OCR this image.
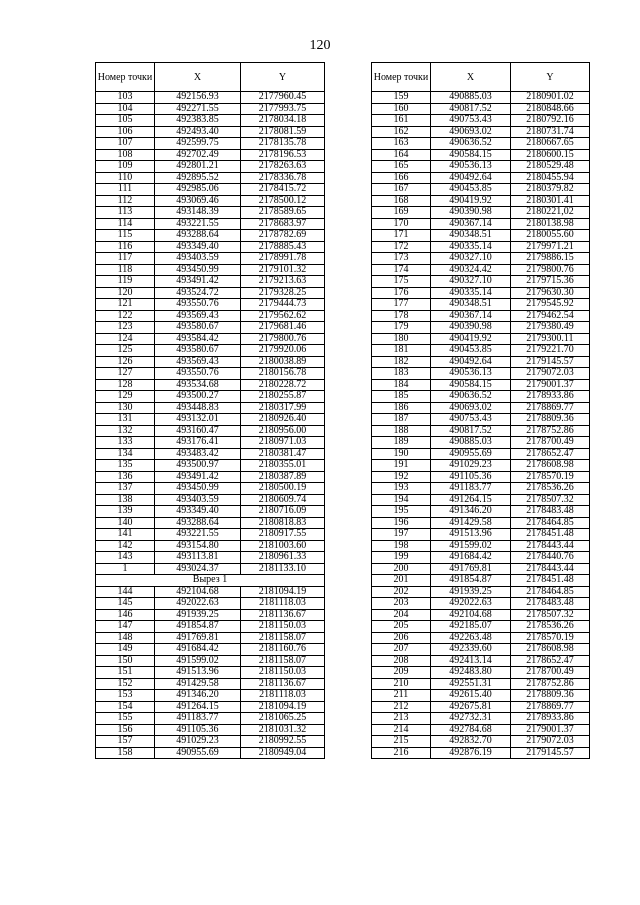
120
Номер точки	X	Y
103	492156.93	2177960.45
104	492271.55	2177993.75
105	492383.85	2178034.18
106	492493.40	2178081.59
107	492599.75	2178135.78
108	492702.49	2178196.53
109	492801.21	2178263.63
110	492895.52	2178336.78
111	492985.06	2178415.72
112	493069.46	2178500.12
113	493148.39	2178589.65
114	493221.55	2178683.97
115	493288.64	2178782.69
116	493349.40	2178885.43
117	493403.59	2178991.78
118	493450.99	2179101.32
119	493491.42	2179213.63
120	493524.72	2179328.25
121	493550.76	2179444.73
122	493569.43	2179562.62
123	493580.67	2179681.46
124	493584.42	2179800.76
125	493580.67	2179920.06
126	493569.43	2180038.89
127	493550.76	2180156.78
128	493534.68	2180228.72
129	493500.27	2180255.87
130	493448.83	2180317.99
131	493132.01	2180926.40
132	493160.47	2180956.00
133	493176.41	2180971.03
134	493483.42	2180381.47
135	493500.97	2180355.01
136	493491.42	2180387.89
137	493450.99	2180500.19
138	493403.59	2180609.74
139	493349.40	2180716.09
140	493288.64	2180818.83
141	493221.55	2180917.55
142	493154.80	2181003.60
143	493113.81	2180961.33
1	493024.37	2181133.10
Вырез 1		
144	492104.68	2181094.19
145	492022.63	2181118.03
146	491939.25	2181136.67
147	491854.87	2181150.03
148	491769.81	2181158.07
149	491684.42	2181160.76
150	491599.02	2181158.07
151	491513.96	2181150.03
152	491429.58	2181136.67
153	491346.20	2181118.03
154	491264.15	2181094.19
155	491183.77	2181065.25
156	491105.36	2181031.32
157	491029.23	2180992.55
158	490955.69	2180949.04
Номер точки	X	Y
159	490885.03	2180901.02
160	490817.52	2180848.66
161	490753.43	2180792.16
162	490693.02	2180731.74
163	490636.52	2180667.65
164	490584.15	2180600.15
165	490536.13	2180529.48
166	490492.64	2180455.94
167	490453.85	2180379.82
168	490419.92	2180301.41
169	490390.98	2180221,02
170	490367.14	2180138.98
171	490348.51	2180055.60
172	490335.14	2179971.21
173	490327.10	2179886.15
174	490324.42	2179800.76
175	490327.10	2179715.36
176	490335.14	2179630.30
177	490348.51	2179545.92
178	490367.14	2179462.54
179	490390.98	2179380.49
180	490419.92	2179300.11
181	490453.85	2179221.70
182	490492.64	2179145.57
183	490536.13	2179072.03
184	490584.15	2179001.37
185	490636.52	2178933.86
186	490693.02	2178869.77
187	490753.43	2178809.36
188	490817.52	2178752.86
189	490885.03	2178700.49
190	490955.69	2178652.47
191	491029.23	2178608.98
192	491105.36	2178570.19
193	491183.77	2178536.26
194	491264.15	2178507.32
195	491346.20	2178483.48
196	491429.58	2178464.85
197	491513.96	2178451.48
198	491599.02	2178443.44
199	491684.42	2178440.76
200	491769.81	2178443.44
201	491854.87	2178451.48
202	491939.25	2178464.85
203	492022.63	2178483.48
204	492104.68	2178507.32
205	492185.07	2178536.26
206	492263.48	2178570.19
207	492339.60	2178608.98
208	492413.14	2178652.47
209	492483.80	2178700.49
210	492551.31	2178752.86
211	492615.40	2178809.36
212	492675.81	2178869.77
213	492732.31	2178933.86
214	492784.68	2179001.37
215	492832.70	2179072.03
216	492876.19	2179145.57
